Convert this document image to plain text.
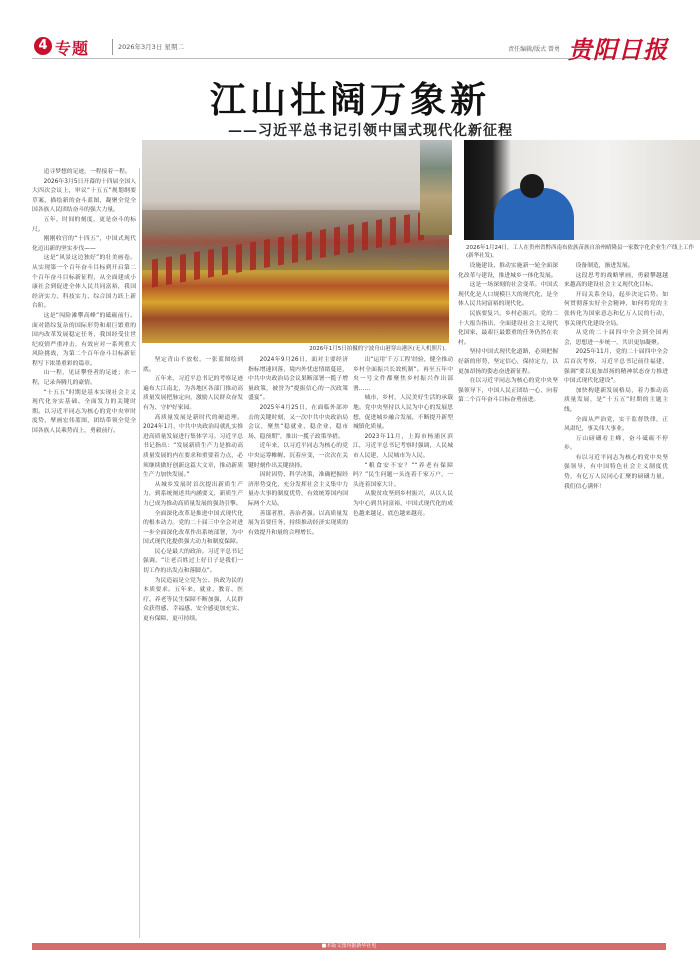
4 专题	2026年3月3日 星期二	责任编辑/版式 曾勇 贵阳日报
江山壮阔万象新
——习近平总书记引领中国式现代化新征程
2026年1月5日拍摄的宁波舟山港穿山港区(无人机照片)。
2026年1月24日，工人在贵州省黔西南布依族苗族自治州晴隆县一家数字化企业生产线上工作(新华社发)。

追寻梦想的足迹，一程接着一程。

2026年3月5日开幕的十四届全国人大四次会议上，审议“十五五”规划纲要草案，描绘新的奋斗蓝图，凝聚全党全国各族人民团结奋斗的强大力量。

五年，时间的刻度，更是奋斗的标尺。

刚刚收官的“十四五”，中国式现代化迈出新的坚实步伐——

这是“风景这边独好”的壮美画卷。从实现第一个百年奋斗目标到开启第二个百年奋斗目标新征程，从全面建成小康社会到促进全体人民共同富裕，我国经济实力、科技实力、综合国力跃上新台阶。

这是“闯险滩攀高峰”的砥砺前行。面对错综复杂的国际形势和艰巨繁重的国内改革发展稳定任务，我国经受住世纪疫情严重冲击，有效应对一系列重大风险挑战，为第二个百年奋斗目标新征程写下浓墨重彩的篇章。

山一程，见证攀登者的足迹；水一程，记录奔腾儿的豪情。

“十五五”时期是基本实现社会主义现代化夯实基础、全面发力的关键时期。以习近平同志为核心的党中央审时度势，擘画宏伟蓝图，团结带领全党全国各族人民乘势而上，勇毅前行。

坚定青山不放松，一张蓝图绘到底。

五年来，习近平总书记的考察足迹遍布大江南北，为各地区各部门推动高质量发展把脉定向，激励人民群众奋发有为、守护好家园。

高质量发展是新时代的硬道理。2024年1月，中共中央政治局就扎实推进高质量发展进行集体学习。习近平总书记指出：“发展新质生产力是推动高质量发展的内在要求和重要着力点，必须继续做好创新这篇大文章，推动新质生产力加快发展。”

从城乡发展时首次提出新质生产力，到系统阐述其内涵要义，新质生产力已成为推动高质量发展的强劲引擎。

全面深化改革是推进中国式现代化的根本动力。党的二十届三中全会对进一步全面深化改革作出系统部署，为中国式现代化提供强大动力和制度保障。

民心是最大的政治。习近平总书记强调，“让老百姓过上好日子是我们一切工作的出发点和落脚点”。

为民造福是立党为公、执政为民的本质要求。五年来，就业、教育、医疗、养老等民生保障不断加强，人民群众获得感、幸福感、安全感更加充实、更有保障、更可持续。

2024年9月26日，面对主要经济指标增速回落，境内外忧虑情绪蔓延，中共中央政治局会议果断部署一揽子增量政策，被誉为“提振信心的一次政策盛宴”。

2025年4月25日，在面临外部冲击的关键时刻，又一次中共中央政治局会议，聚焦“稳就业、稳企业、稳市场、稳预期”，推出一揽子政策举措。

近年来，以习近平同志为核心的党中央运筹帷幄、沉着应变，一次次在关键时刻作出关键抉择。

因时因势、科学决策，准确把握经济形势变化，充分发挥社会主义集中力量办大事的制度优势，有效统筹国内国际两个大局。

善谋者胜，善治者强。以高质量发展为首要任务，持续推动经济实现质的有效提升和量的合理增长。

出“运用‘千万工程’经验，健全推动乡村全面振兴长效机制”。再至五年中央一号文件都聚焦乡村振兴作出部署……

城市，乡村，人民美好生活的承载地。党中央坚持以人民为中心的发展思想，促进城乡融合发展，不断提升新型城镇化质量。

2023年11月，上海市杨浦区滨江，习近平总书记考察时强调，人民城市人民建，人民城市为人民。

“粮食安不安？”“养老有保障吗？”民生问题一头连着千家万户，一头连着国家大计。

从脱贫攻坚到乡村振兴，从以人民为中心到共同富裕，中国式现代化的成色越来越足、底色越来越亮。

设施建设、推动实施新一轮全面深化改革与建设，推进城乡一体化发展。

这是一场深刻的社会变革。中国式现代化是人口规模巨大的现代化，是全体人民共同富裕的现代化。

民族要复兴，乡村必振兴。党的二十大报告指出，全面建设社会主义现代化国家，最艰巨最繁重的任务仍然在农村。

坚持中国式现代化道路，必须把握好新的形势，坚定信心，保持定力，以更加昂扬的姿态奋进新征程。

在以习近平同志为核心的党中央坚强领导下，中国人民正团结一心，向着第二个百年奋斗目标奋勇前进。

设备制造，渐进发展。

这段思考的战略擘画，勇毅攀越越来越高的建设社会主义现代化目标。

开局关系全局，起步决定后势。如何贯彻落实好全会精神，如何将党的主张转化为国家意志和亿万人民的行动，事关现代化建设全局。

从党的二十届四中全会到全国两会，思想进一步统一，共识更加凝聚。

2025年11月，党的二十届四中全会后首次考察，习近平总书记前往福建，强调“要以更加昂扬的精神状态奋力推进中国式现代化建设”。

加快构建新发展格局，着力推动高质量发展，是“十五五”时期的主题主线。

全面从严治党，实干监督铁律，正风肃纪，事关伟大事业。

万山磅礴看主峰，奋斗砥砺不停步。

有以习近平同志为核心的党中央坚强领导，有中国特色社会主义制度优势，有亿万人民同心汇聚的磅礴力量，我们信心满怀！

■本版文图均据新华社电
